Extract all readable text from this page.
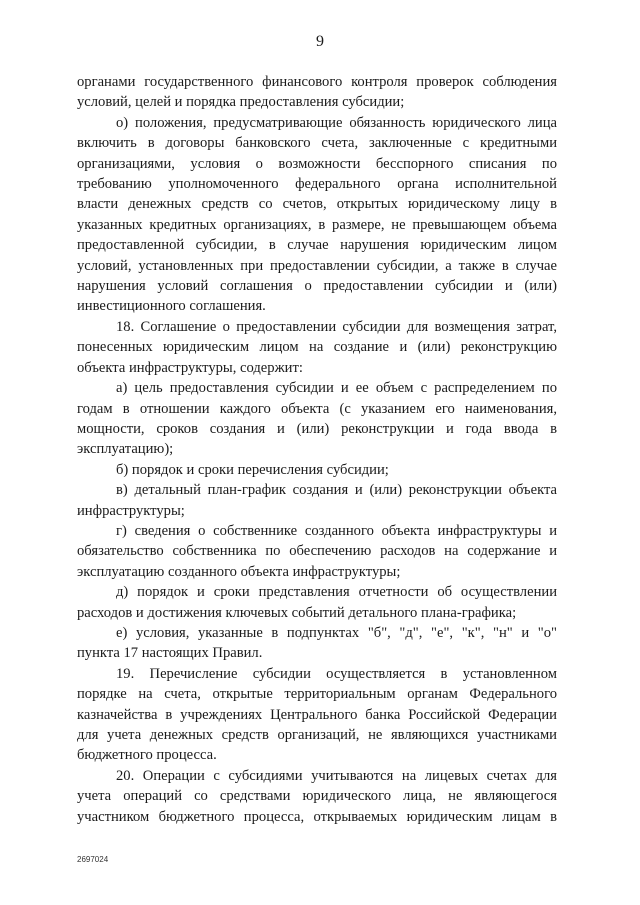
9
органами государственного финансового контроля проверок соблюдения
условий, целей и порядка предоставления субсидии;
о) положения, предусматривающие обязанность юридического лица
включить в договоры банковского счета, заключенные с кредитными
организациями, условия о возможности бесспорного списания по
требованию уполномоченного федерального органа исполнительной
власти денежных средств со счетов, открытых юридическому лицу в
указанных кредитных организациях, в размере, не превышающем объема
предоставленной субсидии, в случае нарушения юридическим лицом
условий, установленных при предоставлении субсидии, а также в случае
нарушения условий соглашения о предоставлении субсидии и (или)
инвестиционного соглашения.
18. Соглашение о предоставлении субсидии для возмещения затрат,
понесенных юридическим лицом на создание и (или) реконструкцию
объекта инфраструктуры, содержит:
а) цель предоставления субсидии и ее объем с распределением по
годам в отношении каждого объекта (с указанием его наименования,
мощности, сроков создания и (или) реконструкции и года ввода в
эксплуатацию);
б) порядок и сроки перечисления субсидии;
в) детальный план-график создания и (или) реконструкции объекта
инфраструктуры;
г) сведения о собственнике созданного объекта инфраструктуры и
обязательство собственника по обеспечению расходов на содержание и
эксплуатацию созданного объекта инфраструктуры;
д) порядок и сроки представления отчетности об осуществлении
расходов и достижения ключевых событий детального плана-графика;
е) условия, указанные в подпунктах "б", "д", "е", "к", "н" и "о"
пункта 17 настоящих Правил.
19. Перечисление субсидии осуществляется в установленном
порядке на счета, открытые территориальным органам Федерального
казначейства в учреждениях Центрального банка Российской Федерации
для учета денежных средств организаций, не являющихся участниками
бюджетного процесса.
20. Операции с субсидиями учитываются на лицевых счетах для
учета операций со средствами юридического лица, не являющегося
участником бюджетного процесса, открываемых юридическим лицам в
2697024
